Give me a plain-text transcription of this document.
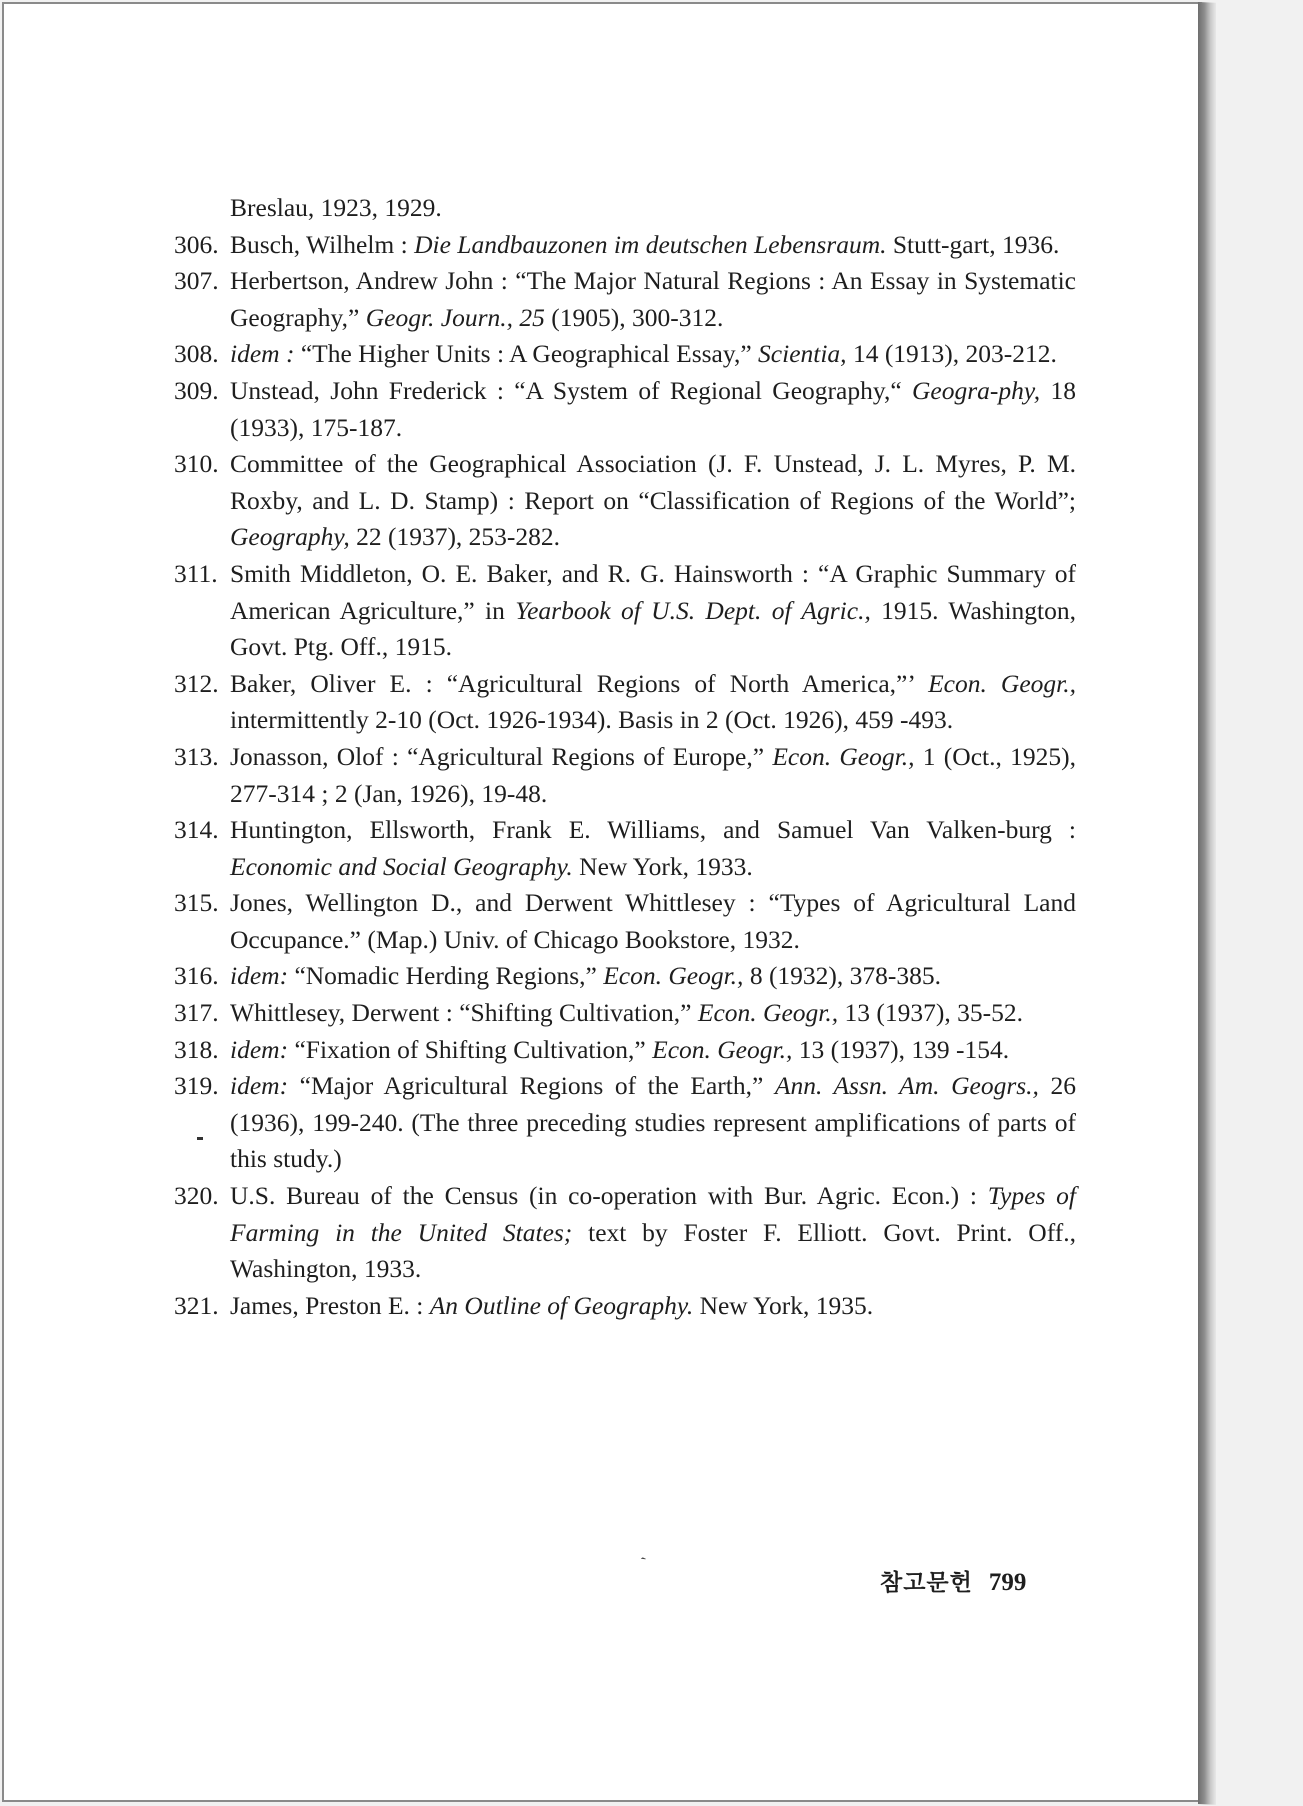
Breslau, 1923, 1929.
306. Busch, Wilhelm : Die Landbauzonen im deutschen Lebensraum. Stutt-gart, 1936.
307. Herbertson, Andrew John : “The Major Natural Regions : An Essay in Systematic Geography,” Geogr. Journ., 25 (1905), 300-312.
308. idem : “The Higher Units : A Geographical Essay,” Scientia, 14 (1913), 203-212.
309. Unstead, John Frederick : “A System of Regional Geography,“ Geogra-phy, 18 (1933), 175-187.
310. Committee of the Geographical Association (J. F. Unstead, J. L. Myres, P. M. Roxby, and L. D. Stamp) : Report on “Classification of Regions of the World”; Geography, 22 (1937), 253-282.
311. Smith Middleton, O. E. Baker, and R. G. Hainsworth : “A Graphic Summary of American Agriculture,” in Yearbook of U.S. Dept. of Agric., 1915. Washington, Govt. Ptg. Off., 1915.
312. Baker, Oliver E. : “Agricultural Regions of North America,”’ Econ. Geogr., intermittently 2-10 (Oct. 1926-1934). Basis in 2 (Oct. 1926), 459 -493.
313. Jonasson, Olof : “Agricultural Regions of Europe,” Econ. Geogr., 1 (Oct., 1925), 277-314 ; 2 (Jan, 1926), 19-48.
314. Huntington, Ellsworth, Frank E. Williams, and Samuel Van Valken-burg : Economic and Social Geography. New York, 1933.
315. Jones, Wellington D., and Derwent Whittlesey : “Types of Agricultural Land Occupance.” (Map.) Univ. of Chicago Bookstore, 1932.
316. idem: “Nomadic Herding Regions,” Econ. Geogr., 8 (1932), 378-385.
317. Whittlesey, Derwent : “Shifting Cultivation,” Econ. Geogr., 13 (1937), 35-52.
318. idem: “Fixation of Shifting Cultivation,” Econ. Geogr., 13 (1937), 139 -154.
319. idem: “Major Agricultural Regions of the Earth,” Ann. Assn. Am. Geogrs., 26 (1936), 199-240. (The three preceding studies represent amplifications of parts of this study.)
320. U.S. Bureau of the Census (in co-operation with Bur. Agric. Econ.) : Types of Farming in the United States; text by Foster F. Elliott. Govt. Print. Off., Washington, 1933.
321. James, Preston E. : An Outline of Geography. New York, 1935.
ˏ
참고문헌 799
